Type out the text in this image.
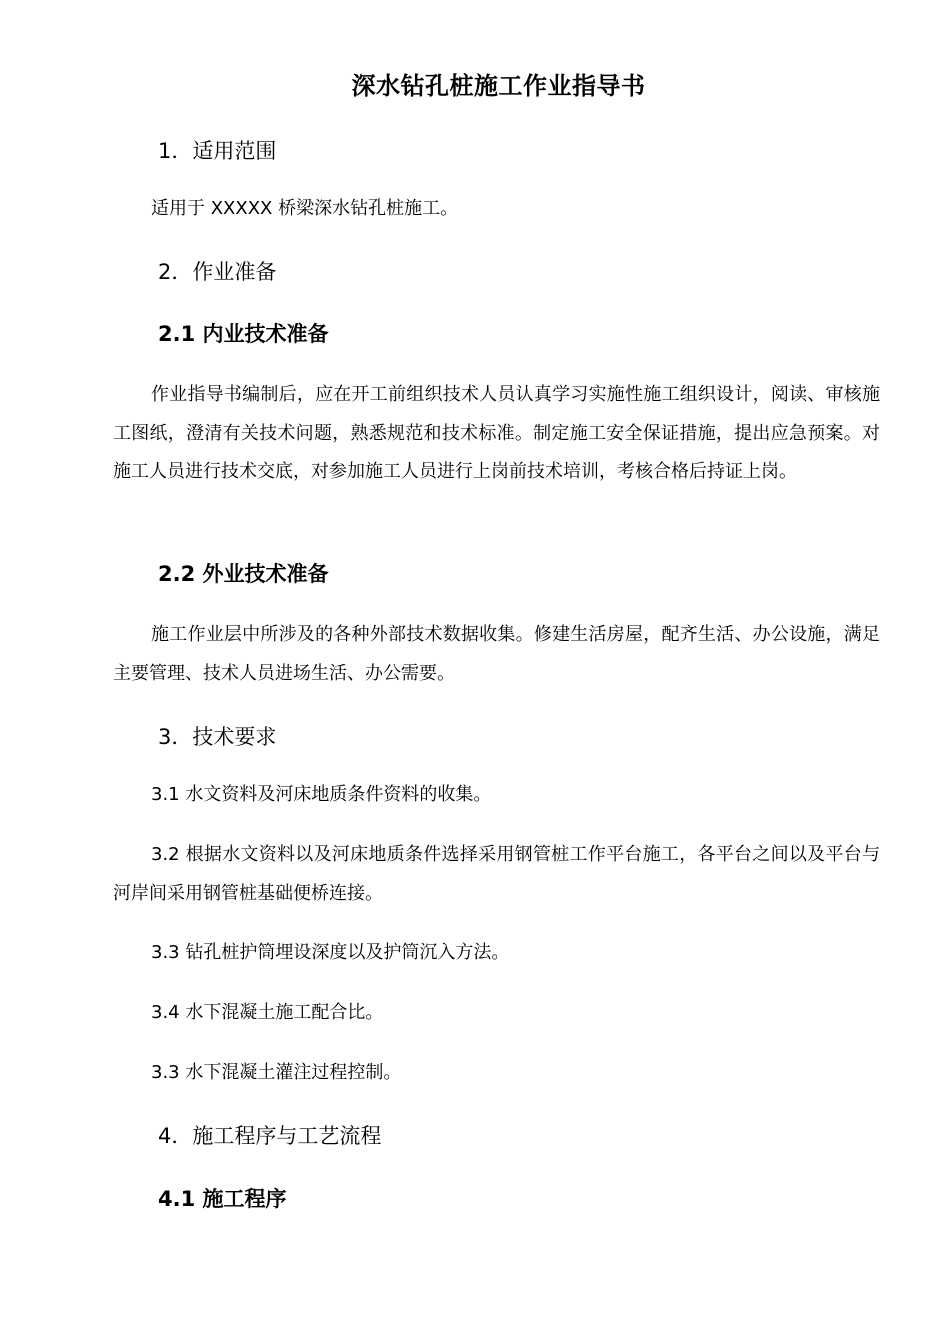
深水钻孔桩施工作业指导书
1．适用范围

适用于 XXXXX 桥梁深水钻孔桩施工。

2．作业准备
2.1 内业技术准备

作业指导书编制后，应在开工前组织技术人员认真学习实施性施工组织设计，阅读、审核施工图纸，澄清有关技术问题，熟悉规范和技术标准。制定施工安全保证措施，提出应急预案。对施工人员进行技术交底，对参加施工人员进行上岗前技术培训，考核合格后持证上岗。

2.2 外业技术准备

施工作业层中所涉及的各种外部技术数据收集。修建生活房屋，配齐生活、办公设施，满足主要管理、技术人员进场生活、办公需要。

3．技术要求

3.1 水文资料及河床地质条件资料的收集。

3.2 根据水文资料以及河床地质条件选择采用钢管桩工作平台施工，各平台之间以及平台与河岸间采用钢管桩基础便桥连接。

3.3 钻孔桩护筒埋设深度以及护筒沉入方法。

3.4 水下混凝土施工配合比。

3.3 水下混凝土灌注过程控制。

4．施工程序与工艺流程
4.1 施工程序
